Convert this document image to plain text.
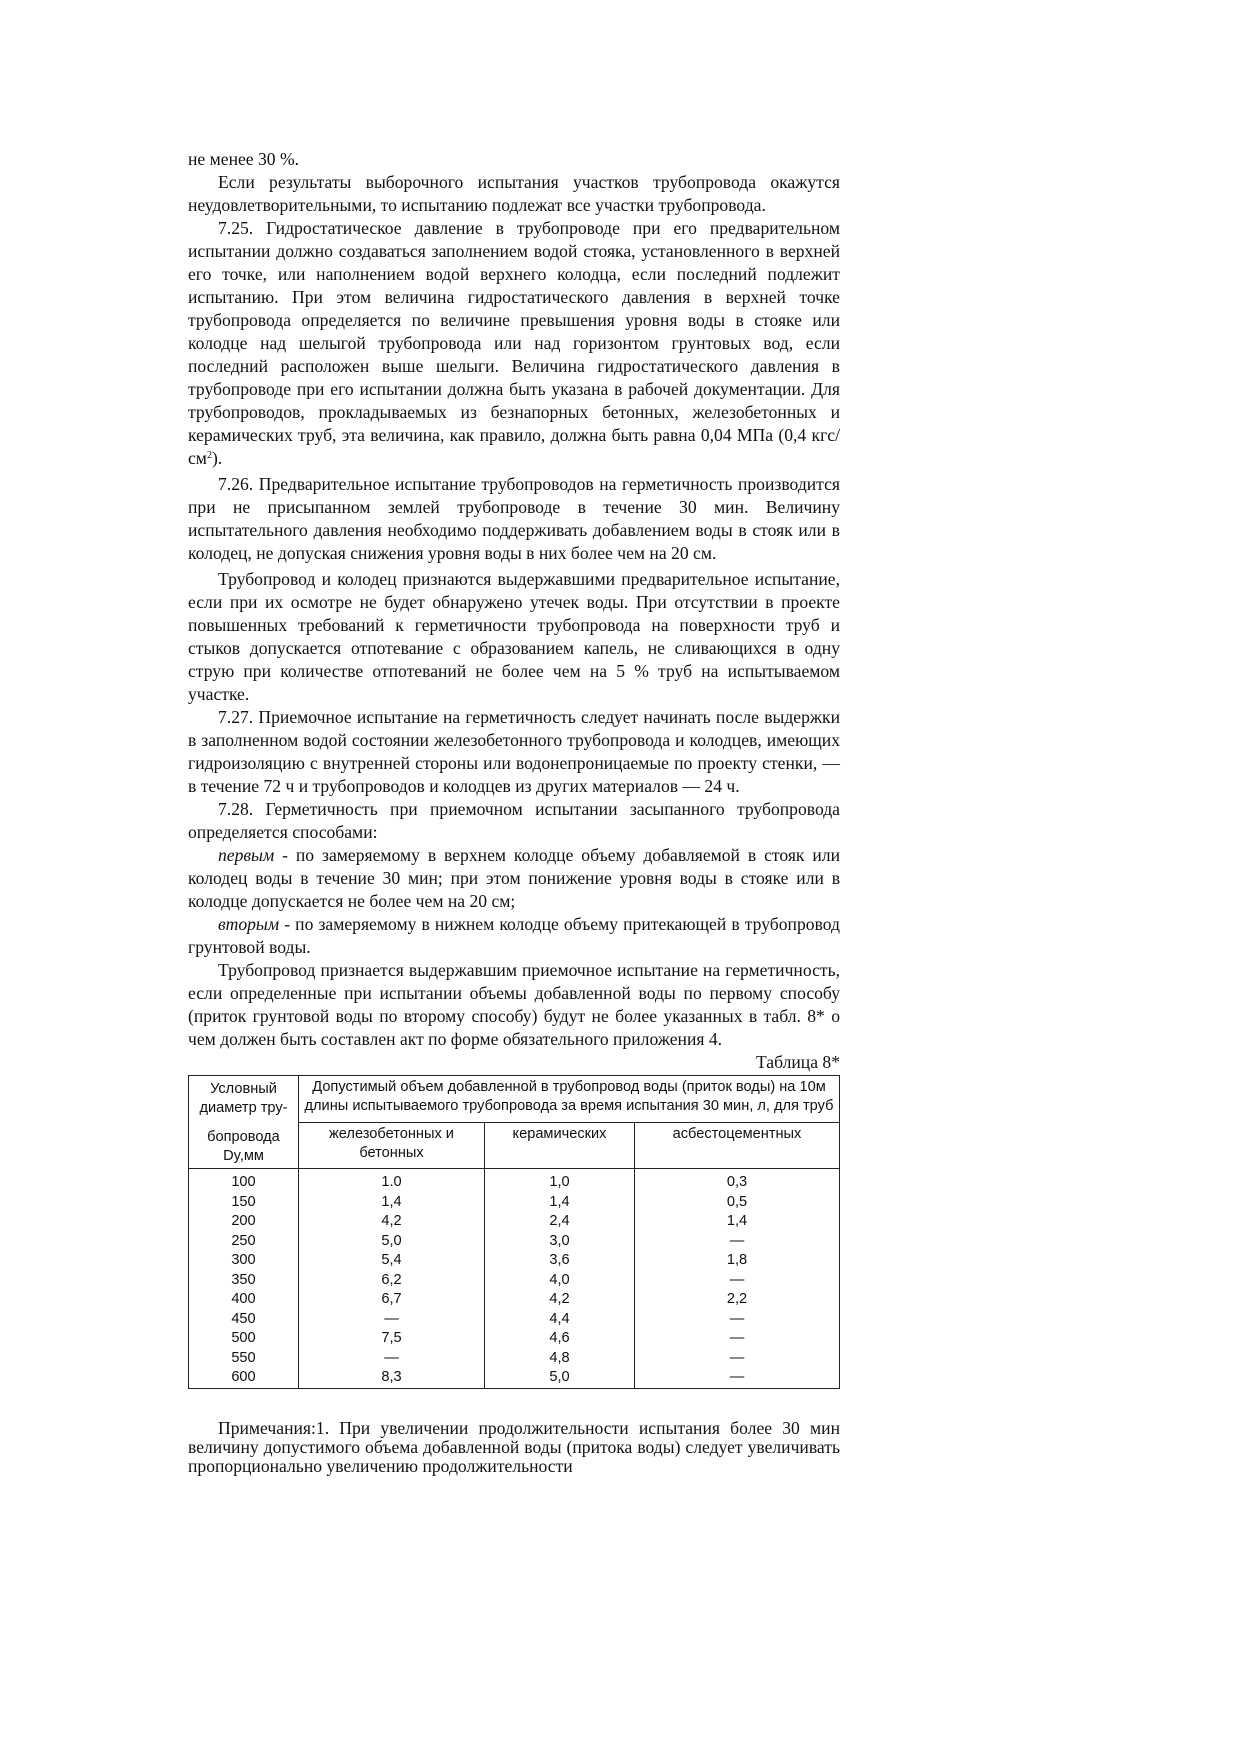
не менее 30 %.

Если результаты выборочного испытания участков трубопровода окажутся неудовлетворительными, то испытанию подлежат все участки трубопровода.

7.25. Гидростатическое давление в трубопроводе при его предварительном испытании должно создаваться заполнением водой стояка, установленного в верхней его точке, или наполнением водой верхнего колодца, если последний подлежит испытанию. При этом величина гидростатического давления в верхней точке трубопровода определяется по величине превышения уровня воды в стояке или колодце над шелыгой трубопровода или над горизонтом грунтовых вод, если последний расположен выше шелыги. Величина гидростатического давления в трубопроводе при его испытании должна быть указана в рабочей документации. Для трубопроводов, прокладываемых из безнапорных бетонных, железобетонных и керамических труб, эта величина, как правило, должна быть равна 0,04 МПа (0,4 кгс/$см^2$).

7.26. Предварительное испытание трубопроводов на герметичность производится при не присыпанном землей трубопроводе в течение 30 мин. Величину испытательного давления необходимо поддерживать добавлением воды в стояк или в колодец, не допуская снижения уровня воды в них более чем на 20 см.

Трубопровод и колодец признаются выдержавшими предварительное испытание, если при их осмотре не будет обнаружено утечек воды. При отсутствии в проекте повышенных требований к герметичности трубопровода на поверхности труб и стыков допускается отпотевание с образованием капель, не сливающихся в одну струю при количестве отпотеваний не более чем на 5 % труб на испытываемом участке.

7.27. Приемочное испытание на герметичность следует начинать после выдержки в заполненном водой состоянии железобетонного трубопровода и колодцев, имеющих гидроизоляцию с внутренней стороны или водонепроницаемые по проекту стенки, — в течение 72 ч и трубопроводов и колодцев из других материалов — 24 ч.

7.28. Герметичность при приемочном испытании засыпанного трубопровода определяется способами:

первым - по замеряемому в верхнем колодце объему добавляемой в стояк или колодец воды в течение 30 мин; при этом понижение уровня воды в стояке или в колодце допускается не более чем на 20 см;

вторым - по замеряемому в нижнем колодце объему притекающей в трубопровод грунтовой воды.

Трубопровод признается выдержавшим приемочное испытание на герметичность, если определенные при испытании объемы добавленной воды по первому способу (приток грунтовой воды по второму способу) будут не более указанных в табл. 8* о чем должен быть составлен акт по форме обязательного приложения 4.

Таблица 8*
Условный диаметр тру-
бопровода Dy,мм	Допустимый объем добавленной в трубопровод воды (приток воды) на 10м длины испытываемого трубопровода за время испытания 30 мин, л, для труб		
	железобетонных и бетонных	керамических	асбестоцементных
100	1.0	1,0	0,3
150	1,4	1,4	0,5
200	4,2	2,4	1,4
250	5,0	3,0	—
300	5,4	3,6	1,8
350	6,2	4,0	—
400	6,7	4,2	2,2
450	—	4,4	—
500	7,5	4,6	—
550	—	4,8	—
600	8,3	5,0	—

Примечания:1. При увеличении продолжительности испытания более 30 мин величину допустимого объема добавленной воды (притока воды) следует увеличивать пропорционально увеличению продолжительности
